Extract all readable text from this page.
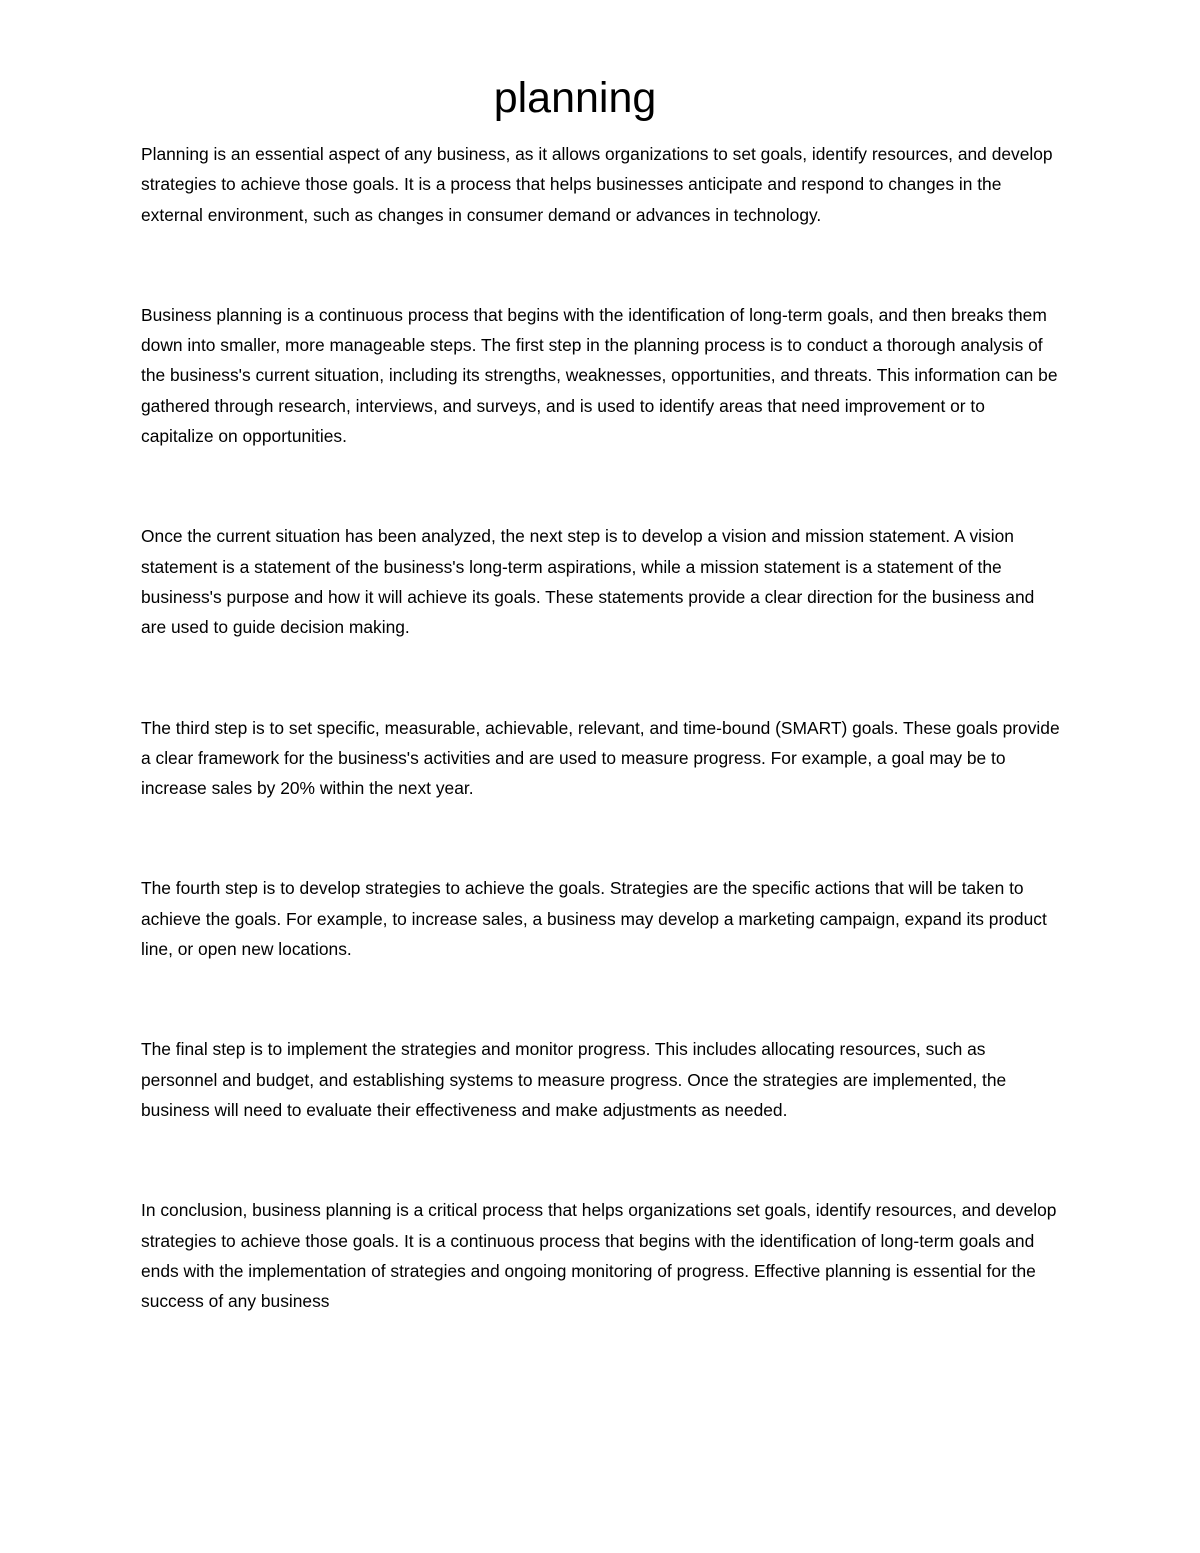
planning

Planning is an essential aspect of any business, as it allows organizations to set goals, identify resources, and develop strategies to achieve those goals. It is a process that helps businesses anticipate and respond to changes in the external environment, such as changes in consumer demand or advances in technology.

Business planning is a continuous process that begins with the identification of long-term goals, and then breaks them down into smaller, more manageable steps. The first step in the planning process is to conduct a thorough analysis of the business's current situation, including its strengths, weaknesses, opportunities, and threats. This information can be gathered through research, interviews, and surveys, and is used to identify areas that need improvement or to capitalize on opportunities.

Once the current situation has been analyzed, the next step is to develop a vision and mission statement. A vision statement is a statement of the business's long-term aspirations, while a mission statement is a statement of the business's purpose and how it will achieve its goals. These statements provide a clear direction for the business and are used to guide decision making.

The third step is to set specific, measurable, achievable, relevant, and time-bound (SMART) goals. These goals provide a clear framework for the business's activities and are used to measure progress. For example, a goal may be to increase sales by 20% within the next year.

The fourth step is to develop strategies to achieve the goals. Strategies are the specific actions that will be taken to achieve the goals. For example, to increase sales, a business may develop a marketing campaign, expand its product line, or open new locations.

The final step is to implement the strategies and monitor progress. This includes allocating resources, such as personnel and budget, and establishing systems to measure progress. Once the strategies are implemented, the business will need to evaluate their effectiveness and make adjustments as needed.

In conclusion, business planning is a critical process that helps organizations set goals, identify resources, and develop strategies to achieve those goals. It is a continuous process that begins with the identification of long-term goals and ends with the implementation of strategies and ongoing monitoring of progress. Effective planning is essential for the success of any business
